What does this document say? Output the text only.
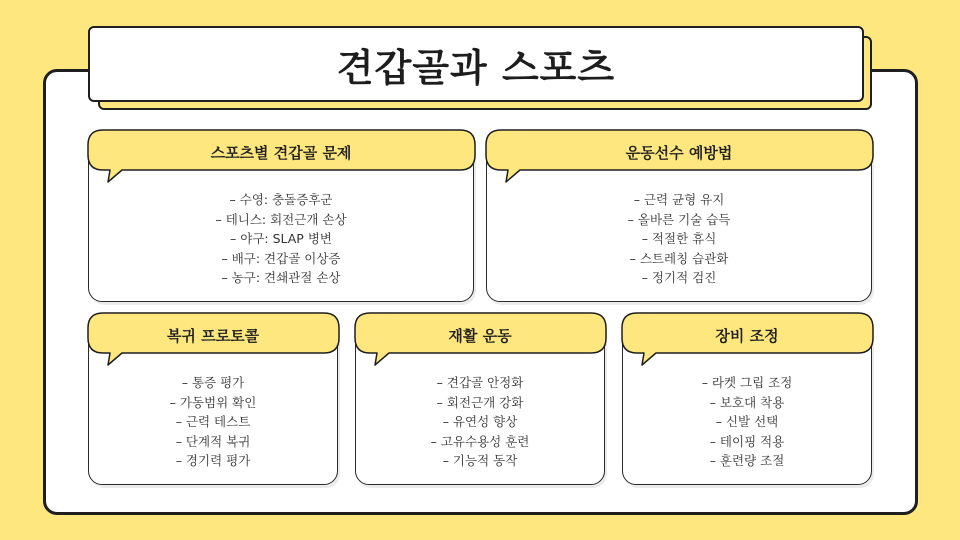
견갑골과 스포츠
스포츠별 견갑골 문제
– 수영: 충돌증후군
– 테니스: 회전근개 손상
– 야구: SLAP 병변
– 배구: 견갑골 이상증
– 농구: 견쇄관절 손상
운동선수 예방법
– 근력 균형 유지
– 올바른 기술 습득
– 적절한 휴식
– 스트레칭 습관화
– 정기적 검진
복귀 프로토콜
– 통증 평가
– 가동범위 확인
– 근력 테스트
– 단계적 복귀
– 경기력 평가
재활 운동
– 견갑골 안정화
– 회전근개 강화
– 유연성 향상
– 고유수용성 훈련
– 기능적 동작
장비 조정
– 라켓 그립 조정
– 보호대 착용
– 신발 선택
– 테이핑 적용
– 훈련량 조절
